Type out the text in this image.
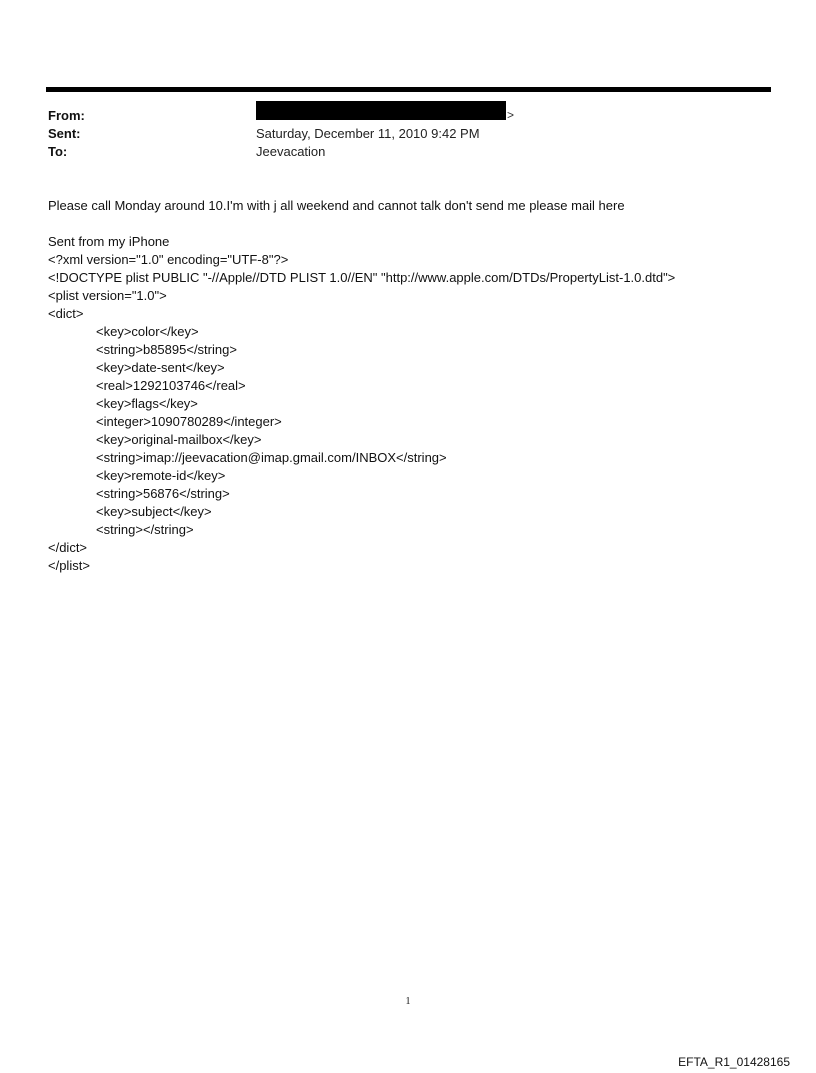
From:	>
Sent:	Saturday, December 11, 2010 9:42 PM
To:	Jeevacation
Please call Monday around 10.I'm with j all weekend and cannot talk don't send me please mail here
Sent from my iPhone
<?xml version="1.0" encoding="UTF-8"?>
<!DOCTYPE plist PUBLIC "-//Apple//DTD PLIST 1.0//EN" "http://www.apple.com/DTDs/PropertyList-1.0.dtd">
<plist version="1.0">
<dict>
<key>color</key>
<string>b85895</string>
<key>date-sent</key>
<real>1292103746</real>
<key>flags</key>
<integer>1090780289</integer>
<key>original-mailbox</key>
<string>imap://jeevacation@imap.gmail.com/INBOX</string>
<key>remote-id</key>
<string>56876</string>
<key>subject</key>
<string></string>
</dict>
</plist>
1
EFTA_R1_01428165
